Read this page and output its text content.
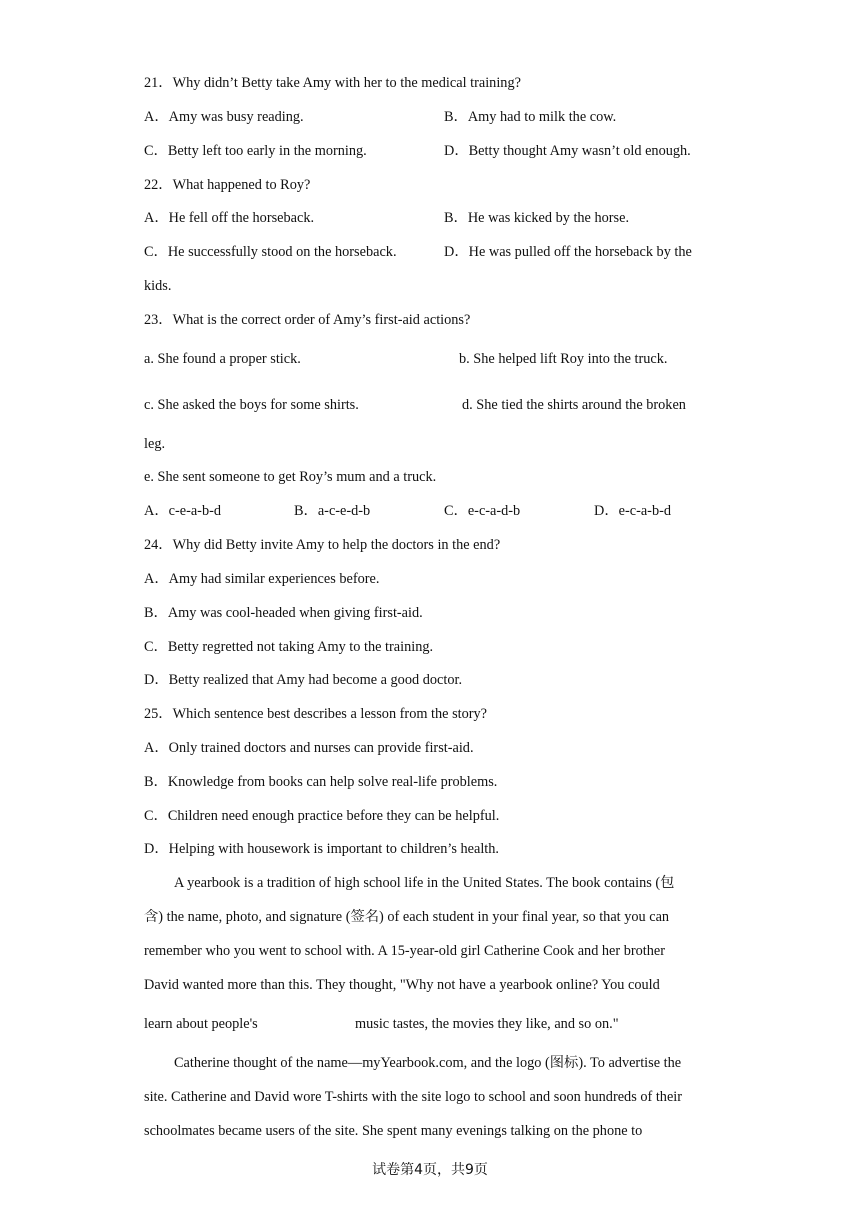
21．Why didn’t Betty take Amy with her to the medical training?
A．Amy was busy reading.	B．Amy had to milk the cow.
C．Betty left too early in the morning.	D．Betty thought Amy wasn’t old enough.
22．What happened to Roy?
A．He fell off the horseback.	B．He was kicked by the horse.
C．He successfully stood on the horseback.	D．He was pulled off the horseback by the
kids.
23．What is the correct order of Amy’s first-aid actions?
a. She found a proper stick.	b. She helped lift Roy into the truck.
c. She asked the boys for some shirts.	d. She tied the shirts around the broken
leg.
e. She sent someone to get Roy’s mum and a truck.
A．c-e-a-b-d	B．a-c-e-d-b	C．e-c-a-d-b	D．e-c-a-b-d
24．Why did Betty invite Amy to help the doctors in the end?
A．Amy had similar experiences before.
B．Amy was cool-headed when giving first-aid.
C．Betty regretted not taking Amy to the training.
D．Betty realized that Amy had become a good doctor.
25．Which sentence best describes a lesson from the story?
A．Only trained doctors and nurses can provide first-aid.
B．Knowledge from books can help solve real-life problems.
C．Children need enough practice before they can be helpful.
D．Helping with housework is important to children’s health.
A yearbook is a tradition of high school life in the United States. The book contains (包
含) the name, photo, and signature (签名) of each student in your final year, so that you can
remember who you went to school with. A 15-year-old girl Catherine Cook and her brother
David wanted more than this. They thought, "Why not have a yearbook online? You could
learn about people's	music tastes, the movies they like, and so on."
Catherine thought of the name—myYearbook.com, and the logo (图标). To advertise the
site. Catherine and David wore T-shirts with the site logo to school and soon hundreds of their
schoolmates became users of the site. She spent many evenings talking on the phone to
试卷第4页，共9页
